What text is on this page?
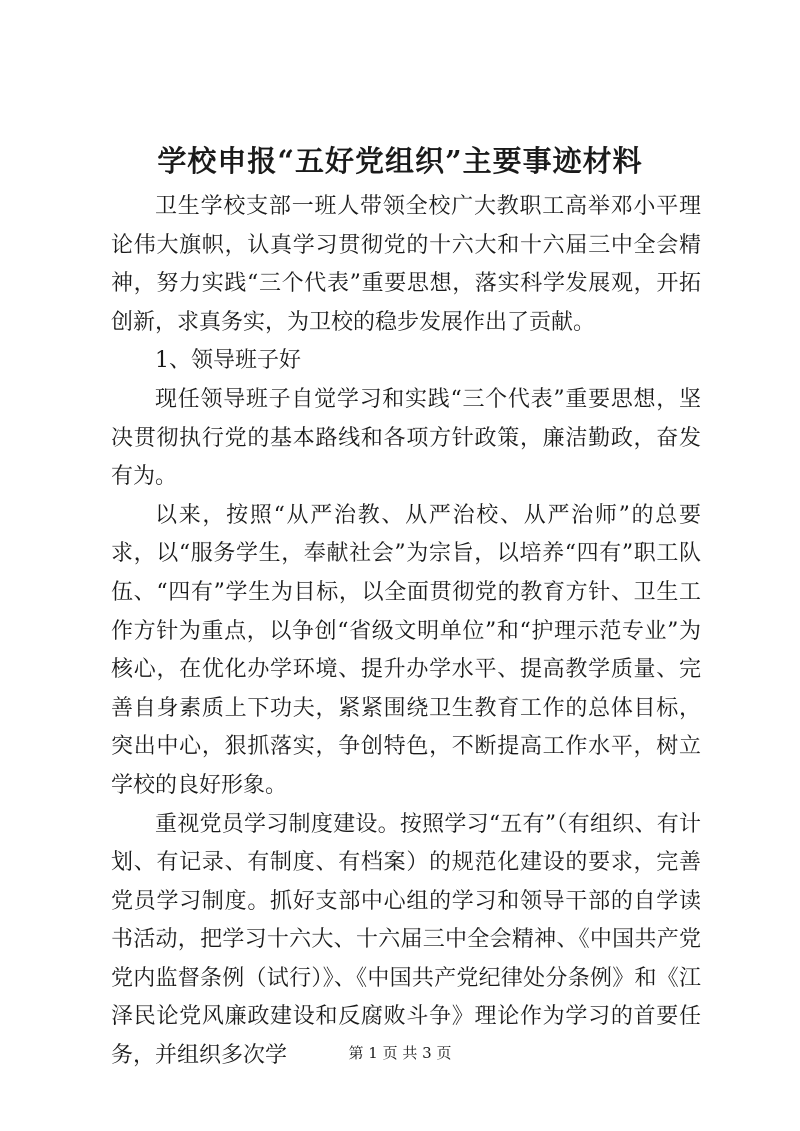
学校申报“五好党组织”主要事迹材料

卫生学校支部一班人带领全校广大教职工高举邓小平理论伟大旗帜，认真学习贯彻党的十六大和十六届三中全会精神，努力实践“三个代表”重要思想，落实科学发展观，开拓创新，求真务实，为卫校的稳步发展作出了贡献。

1、领导班子好

现任领导班子自觉学习和实践“三个代表”重要思想，坚决贯彻执行党的基本路线和各项方针政策，廉洁勤政，奋发有为。

以来，按照“从严治教、从严治校、从严治师”的总要求，以“服务学生，奉献社会”为宗旨，以培养“四有”职工队伍、“四有”学生为目标，以全面贯彻党的教育方针、卫生工作方针为重点，以争创“省级文明单位”和“护理示范专业”为核心，在优化办学环境、提升办学水平、提高教学质量、完善自身素质上下功夫，紧紧围绕卫生教育工作的总体目标，突出中心，狠抓落实，争创特色，不断提高工作水平，树立学校的良好形象。

重视党员学习制度建设。按照学习“五有”（有组织、有计划、有记录、有制度、有档案）的规范化建设的要求，完善党员学习制度。抓好支部中心组的学习和领导干部的自学读书活动，把学习十六大、十六届三中全会精神、《中国共产党党内监督条例（试行）》、《中国共产党纪律处分条例》和《江泽民论党风廉政建设和反腐败斗争》理论作为学习的首要任务，并组织多次学	第 1 页 共 3 页
